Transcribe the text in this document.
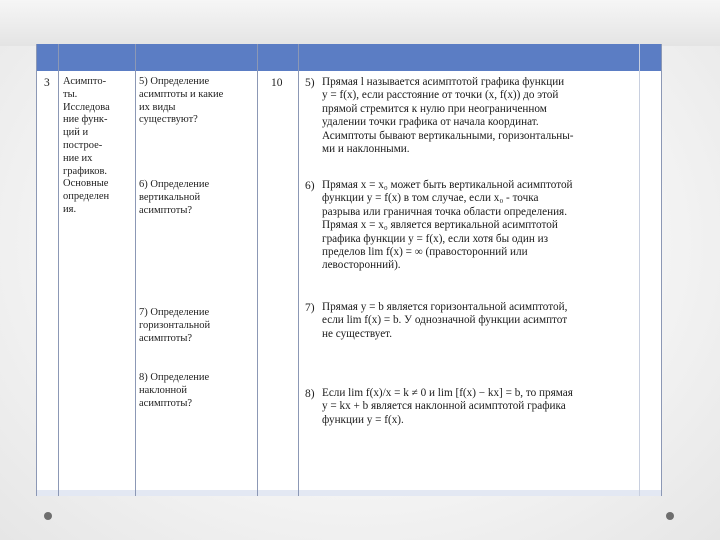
3 Асимпто-
ты.
Исследова
ние функ-
ций и
построе-
ние их
графиков.
Основные
определен
ия.
5) Определение
асимптоты и какие
их виды
существуют?
6) Определение
вертикальной
асимптоты?
7) Определение
горизонтальной
асимптоты?
8) Определение
наклонной
асимптоты?
10 5) Прямая l называется асимптотой графика функции
y = f(x), если расстояние от точки (x, f(x)) до этой
прямой стремится к нулю при неограниченном
удалении точки графика от начала координат.
Асимптоты бывают вертикальными, горизонтальны-
ми и наклонными.
6) Прямая x = x₀ может быть вертикальной асимптотой
функции y = f(x) в том случае, если x₀ - точка
разрыва или граничная точка области определения.
Прямая x = x₀ является вертикальной асимптотой
графика функции y = f(x), если хотя бы один из
пределов lim f(x) = ∞ (правосторонний или
левосторонний).
7) Прямая y = b является горизонтальной асимптотой,
если lim f(x) = b. У однозначной функции асимптот
не существует.
8) Если lim f(x)/x = k ≠ 0 и lim [f(x) − kx] = b, то прямая
y = kx + b является наклонной асимптотой графика
функции y = f(x).
